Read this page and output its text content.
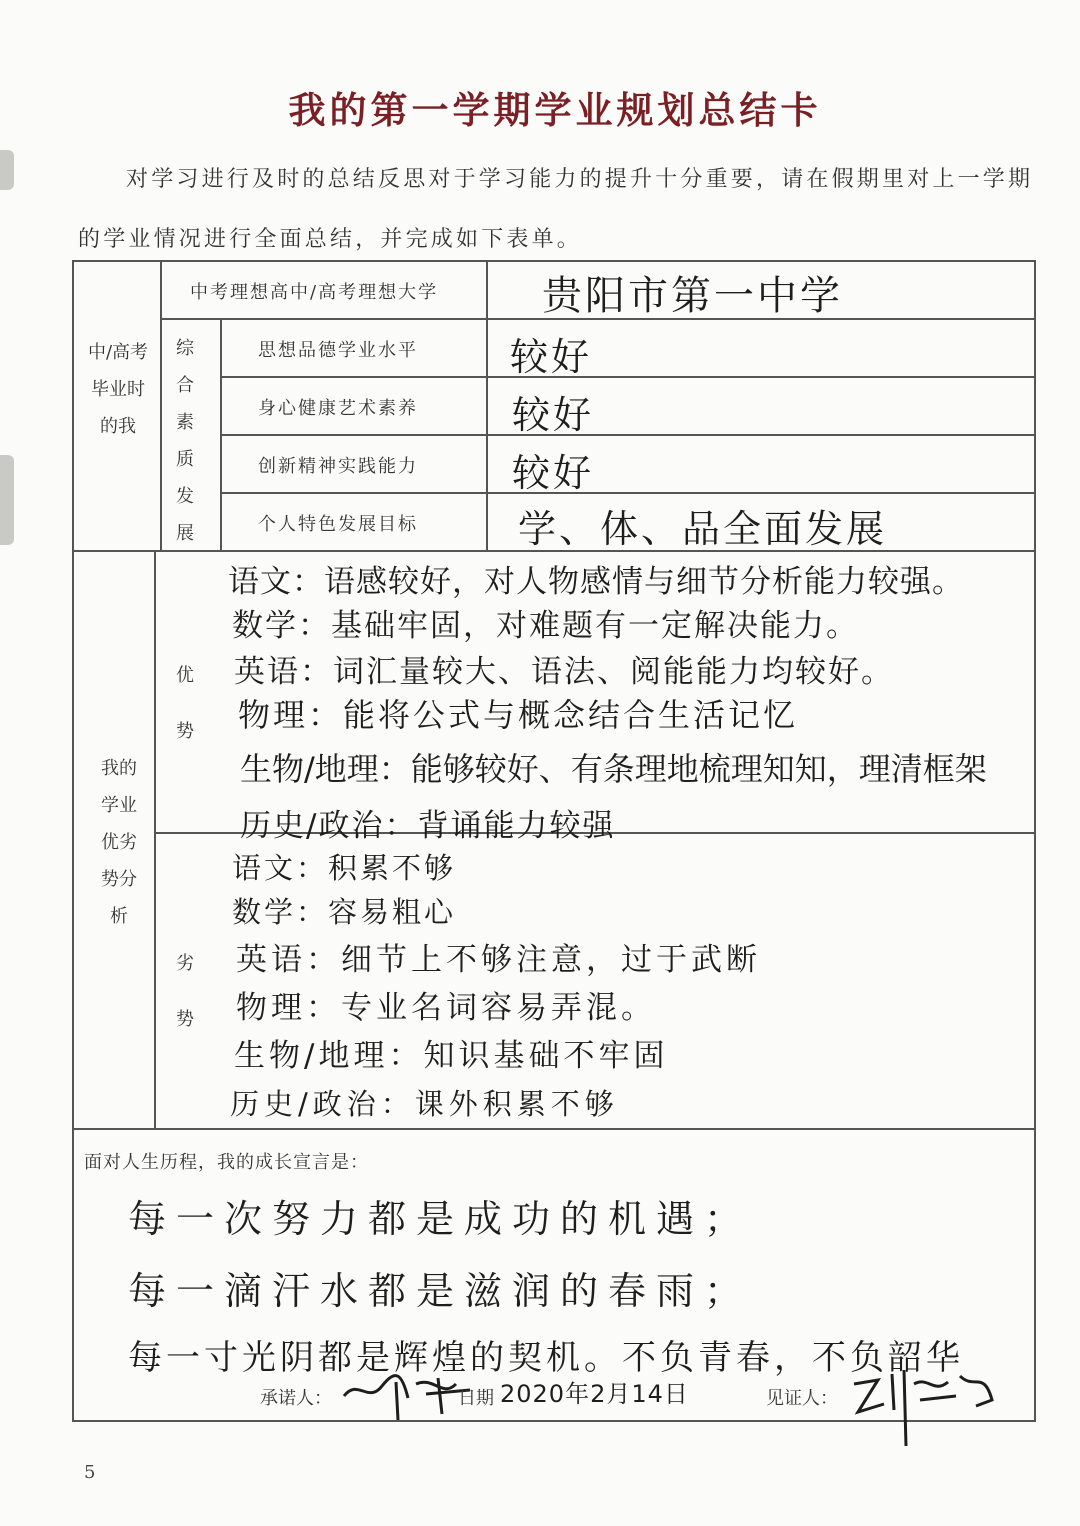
我的第一学期学业规划总结卡
对学习进行及时的总结反思对于学习能力的提升十分重要，请在假期里对上一学期的学业情况进行全面总结，并完成如下表单。
中/高考毕业时的我
中考理想高中/高考理想大学	贵阳市第一中学
综合素质发展
思想品德学业水平 较好
身心健康艺术素养 较好
创新精神实践能力 较好
个人特色发展目标	学、体、品全面发展
我的学业优劣势分析
优势
劣势
语文：语感较好，对人物感情与细节分析能力较强。
数学：基础牢固，对难题有一定解决能力。
英语：词汇量较大、语法、阅能能力均较好。
物理：能将公式与概念结合生活记忆
生物/地理：能够较好、有条理地梳理知知，理清框架
历史/政治：背诵能力较强
语文：积累不够
数学：容易粗心
英语：细节上不够注意，过于武断
物理：专业名词容易弄混。
生物/地理：知识基础不牢固
历史/政治：课外积累不够
面对人生历程，我的成长宣言是：
每一次努力都是成功的机遇；
每一滴汗水都是滋润的春雨；
每一寸光阴都是辉煌的契机。不负青春，不负韶华
承诺人：	日期 2020年2月14日	见证人：
5
